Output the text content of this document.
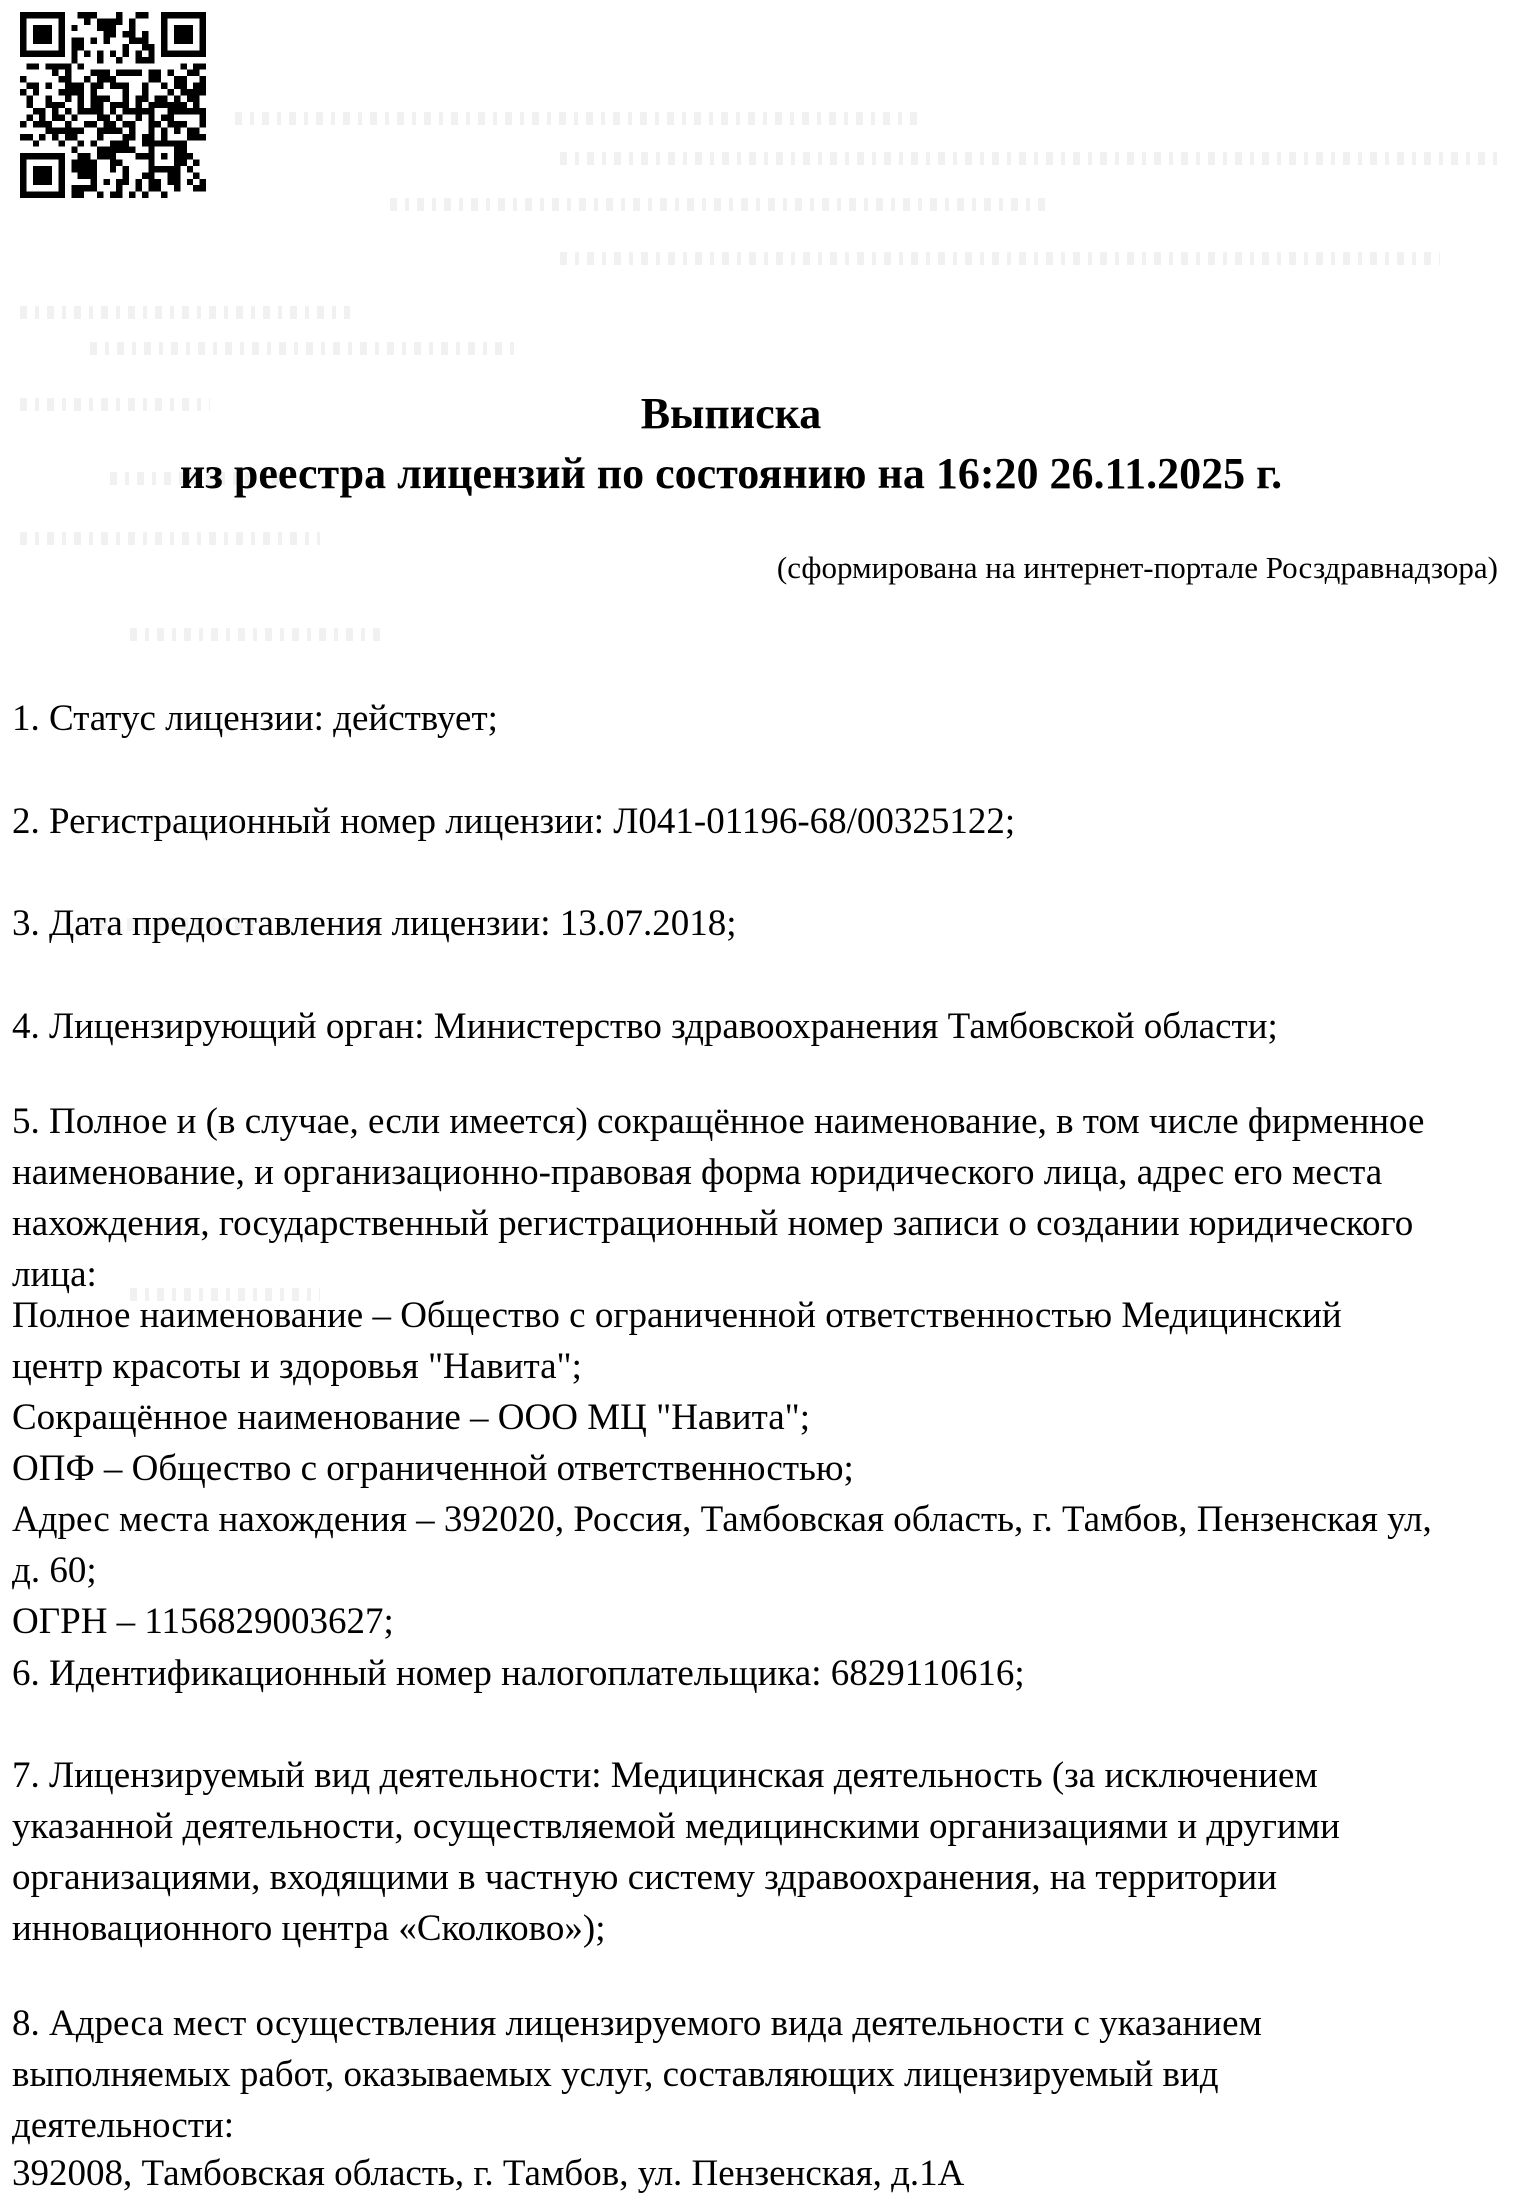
Выписка
из реестра лицензий по состоянию на 16:20 26.11.2025 г.
(сформирована на интернет-портале Росздравнадзора)

1. Статус лицензии: действует;

2. Регистрационный номер лицензии: Л041-01196-68/00325122;

3. Дата предоставления лицензии: 13.07.2018;

4. Лицензирующий орган: Министерство здравоохранения Тамбовской области;

5. Полное и (в случае, если имеется) сокращённое наименование, в том числе фирменное наименование, и организационно-правовая форма юридического лица, адрес его места нахождения, государственный регистрационный номер записи о создании юридического лица:

Полное наименование – Общество с ограниченной ответственностью Медицинский центр красоты и здоровья "Навита";

Сокращённое наименование – ООО МЦ "Навита";

ОПФ – Общество с ограниченной ответственностью;

Адрес места нахождения – 392020, Россия, Тамбовская область, г. Тамбов, Пензенская ул, д. 60;

ОГРН – 1156829003627;

6. Идентификационный номер налогоплательщика: 6829110616;

7. Лицензируемый вид деятельности: Медицинская деятельность (за исключением указанной деятельности, осуществляемой медицинскими организациями и другими организациями, входящими в частную систему здравоохранения, на территории инновационного центра «Сколково»);

8. Адреса мест осуществления лицензируемого вида деятельности с указанием выполняемых работ, оказываемых услуг, составляющих лицензируемый вид деятельности:

392008, Тамбовская область, г. Тамбов, ул. Пензенская, д.1А
